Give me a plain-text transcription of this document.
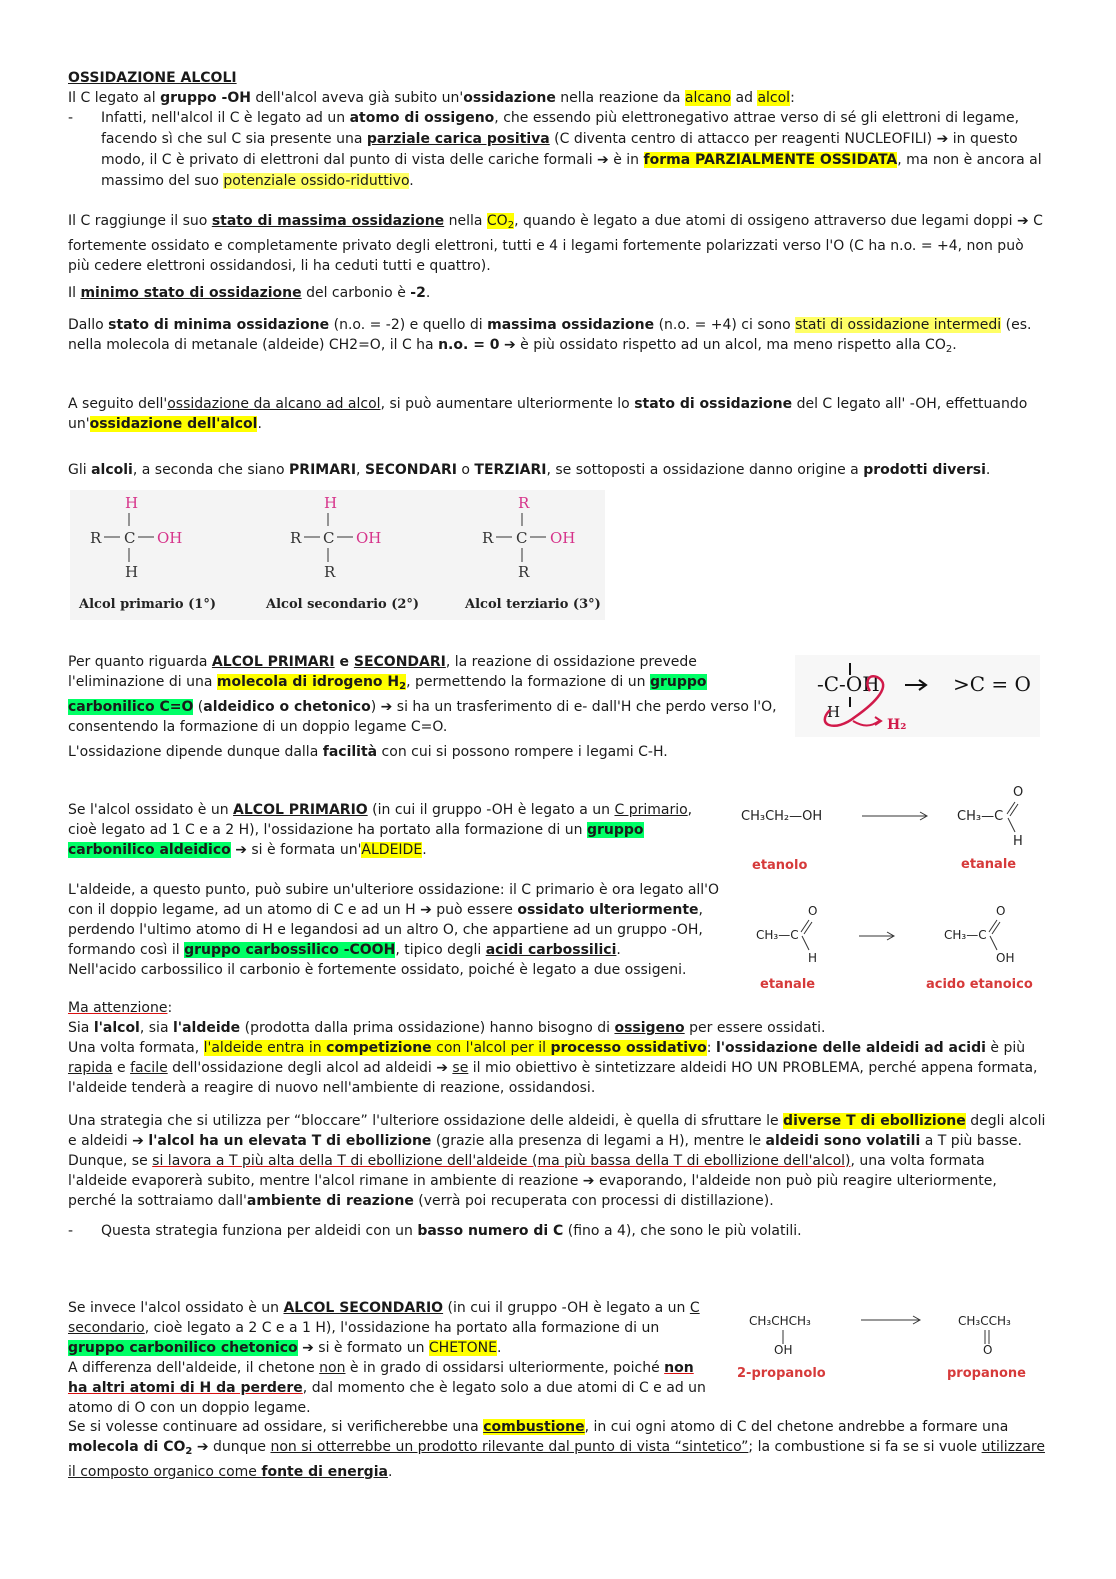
OSSIDAZIONE ALCOLI

Il C legato al gruppo -OH dell'alcol aveva già subito un'ossidazione nella reazione da alcano ad alcol:

-	Infatti, nell'alcol il C è legato ad un atomo di ossigeno, che essendo più elettronegativo attrae verso di sé gli elettroni di legame, facendo sì che sul C sia presente una parziale carica positiva (C diventa centro di attacco per reagenti NUCLEOFILI) ➔ in questo modo, il C è privato di elettroni dal punto di vista delle cariche formali ➔ è in forma PARZIALMENTE OSSIDATA, ma non è ancora al massimo del suo potenziale ossido-riduttivo.

Il C raggiunge il suo stato di massima ossidazione nella $CO_2$, quando è legato a due atomi di ossigeno attraverso due legami doppi ➔ C fortemente ossidato e completamente privato degli elettroni, tutti e 4 i legami fortemente polarizzati verso l'O (C ha n.o. = +4, non può più cedere elettroni ossidandosi, li ha ceduti tutti e quattro).

Il minimo stato di ossidazione del carbonio è -2.

Dallo stato di minima ossidazione (n.o. = -2) e quello di massima ossidazione (n.o. = +4) ci sono stati di ossidazione intermedi (es. nella molecola di metanale (aldeide) CH2=O, il C ha n.o. = 0 ➔ è più ossidato rispetto ad un alcol, ma meno rispetto alla $CO_2$.

A seguito dell'ossidazione da alcano ad alcol, si può aumentare ulteriormente lo stato di ossidazione del C legato all' -OH, effettuando un'ossidazione dell'alcol.

Gli alcoli, a seconda che siano PRIMARI, SECONDARI o TERZIARI, se sottoposti a ossidazione danno origine a prodotti diversi.

H
R C OH
H
H
R C OH
R
R
R C OH
R
Alcol primario (1°)	Alcol secondario (2°)	Alcol terziario (3°)

Per quanto riguarda ALCOL PRIMARI e SECONDARI, la reazione di ossidazione prevede l'eliminazione di una molecola di idrogeno $H_2$, permettendo la formazione di un gruppo carbonilico C=O (aldeidico o chetonico) ➔ si ha un trasferimento di e- dall'H che perdo verso l'O, consentendo la formazione di un doppio legame C=O.

L'ossidazione dipende dunque dalla facilità con cui si possono rompere i legami C-H.

-C-OH
H
H₂
>C = O

Se l'alcol ossidato è un ALCOL PRIMARIO (in cui il gruppo -OH è legato a un C primario, cioè legato ad 1 C e a 2 H), l'ossidazione ha portato alla formazione di un gruppo carbonilico aldeidico ➔ si è formata un'ALDEIDE.

CH₃CH₂—OH	CH₃—C
O
H
etanolo	etanale

L'aldeide, a questo punto, può subire un'ulteriore ossidazione: il C primario è ora legato all'O con il doppio legame, ad un atomo di C e ad un H ➔ può essere ossidato ulteriormente, perdendo l'ultimo atomo di H e legandosi ad un altro O, che appartiene ad un gruppo -OH, formando così il gruppo carbossilico -COOH, tipico degli acidi carbossilici.

Nell'acido carbossilico il carbonio è fortemente ossidato, poiché è legato a due ossigeni.

CH₃—C
O
H
CH₃—C
O
OH
etanale	acido etanoico

Ma attenzione:

Sia l'alcol, sia l'aldeide (prodotta dalla prima ossidazione) hanno bisogno di ossigeno per essere ossidati.

Una volta formata, l'aldeide entra in competizione con l'alcol per il processo ossidativo: l'ossidazione delle aldeidi ad acidi è più rapida e facile dell'ossidazione degli alcol ad aldeidi ➔ se il mio obiettivo è sintetizzare aldeidi HO UN PROBLEMA, perché appena formata, l'aldeide tenderà a reagire di nuovo nell'ambiente di reazione, ossidandosi.

Una strategia che si utilizza per “bloccare” l'ulteriore ossidazione delle aldeidi, è quella di sfruttare le diverse T di ebollizione degli alcoli e aldeidi ➔ l'alcol ha un elevata T di ebollizione (grazie alla presenza di legami a H), mentre le aldeidi sono volatili a T più basse. Dunque, se si lavora a T più alta della T di ebollizione dell'aldeide (ma più bassa della T di ebollizione dell'alcol), una volta formata l'aldeide evaporerà subito, mentre l'alcol rimane in ambiente di reazione ➔ evaporando, l'aldeide non può più reagire ulteriormente, perché la sottraiamo dall'ambiente di reazione (verrà poi recuperata con processi di distillazione).

-	Questa strategia funziona per aldeidi con un basso numero di C (fino a 4), che sono le più volatili.

Se invece l'alcol ossidato è un ALCOL SECONDARIO (in cui il gruppo -OH è legato a un C secondario, cioè legato a 2 C e a 1 H), l'ossidazione ha portato alla formazione di un gruppo carbonilico chetonico ➔ si è formato un CHETONE.

A differenza dell'aldeide, il chetone non è in grado di ossidarsi ulteriormente, poiché non ha altri atomi di H da perdere, dal momento che è legato solo a due atomi di C e ad un atomo di O con un doppio legame.

Se si volesse continuare ad ossidare, si verificherebbe una combustione, in cui ogni atomo di C del chetone andrebbe a formare una molecola di $CO_2$ ➔ dunque non si otterrebbe un prodotto rilevante dal punto di vista “sintetico”; la combustione si fa se si vuole utilizzare il composto organico come fonte di energia.

CH₃CHCH₃
OH
CH₃CCH₃
O
2-propanolo	propanone
